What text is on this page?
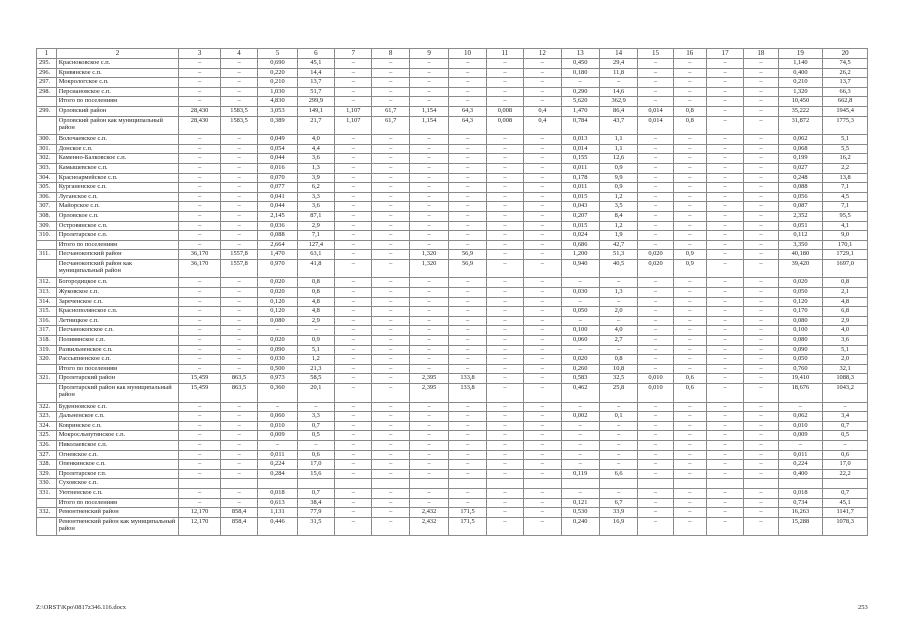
1	2	3	4	5	6	7	8	9	10	11	12	13	14	15	16	17	18	19	20
295.	Красноковское с.п.	–	–	0,690	45,1	–	–	–	–	–	–	0,450	29,4	–	–	–	–	1,140	74,5
296.	Кривянское с.п.	–	–	0,220	14,4	–	–	–	–	–	–	0,180	11,8	–	–	–	–	0,400	26,2
297.	Мокрологское с.п.	–	–	0,210	13,7	–	–	–	–	–	–	–	–	–	–	–	–	0,210	13,7
298.	Персиановское с.п.	–	–	1,030	51,7	–	–	–	–	–	–	0,290	14,6	–	–	–	–	1,320	66,3
	Итого по поселениям	–	–	4,830	299,9	–	–	–	–	–	–	5,620	362,9	–	–	–	–	10,450	662,8
299.	Орловский район	28,430	1583,5	3,053	149,1	1,107	61,7	1,154	64,3	0,008	0,4	1,470	86,4	0,014	0,8	–	–	35,222	1945,4
	Орловский район как муниципальный район	28,430	1583,5	0,389	21,7	1,107	61,7	1,154	64,3	0,008	0,4	0,784	43,7	0,014	0,8	–	–	31,872	1775,3
300.	Волочаевское с.п.	–	–	0,049	4,0	–	–	–	–	–	–	0,013	1,1	–	–	–	–	0,062	5,1
301.	Донское с.п.	–	–	0,054	4,4	–	–	–	–	–	–	0,014	1,1	–	–	–	–	0,068	5,5
302.	Каменно-Балковское с.п.	–	–	0,044	3,6	–	–	–	–	–	–	0,155	12,6	–	–	–	–	0,199	16,2
303.	Камышевское с.п.	–	–	0,016	1,3	–	–	–	–	–	–	0,011	0,9	–	–	–	–	0,027	2,2
304.	Красноармейское с.п.	–	–	0,070	3,9	–	–	–	–	–	–	0,178	9,9	–	–	–	–	0,248	13,8
305.	Курганенское с.п.	–	–	0,077	6,2	–	–	–	–	–	–	0,011	0,9	–	–	–	–	0,088	7,1
306.	Луганское с.п.	–	–	0,041	3,3	–	–	–	–	–	–	0,015	1,2	–	–	–	–	0,056	4,5
307.	Майорское с.п.	–	–	0,044	3,6	–	–	–	–	–	–	0,043	3,5	–	–	–	–	0,087	7,1
308.	Орловское с.п.	–	–	2,145	87,1	–	–	–	–	–	–	0,207	8,4	–	–	–	–	2,352	95,5
309.	Островянское с.п.	–	–	0,036	2,9	–	–	–	–	–	–	0,015	1,2	–	–	–	–	0,051	4,1
310.	Пролетарское с.п.	–	–	0,088	7,1	–	–	–	–	–	–	0,024	1,9	–	–	–	–	0,112	9,0
	Итого по поселениям	–	–	2,664	127,4	–	–	–	–	–	–	0,686	42,7	–	–	–	–	3,350	170,1
311.	Песчанокопский район	36,170	1557,8	1,470	63,1	–	–	1,320	56,9	–	–	1,200	51,3	0,020	0,9	–	–	40,180	1729,1
	Песчанокопский район как муниципальный район	36,170	1557,8	0,970	41,8	–	–	1,320	56,9	–	–	0,940	40,5	0,020	0,9	–	–	39,420	1697,0
312.	Богородицкое с.п.	–	–	0,020	0,8	–	–	–	–	–	–	–	–	–	–	–	–	0,020	0,8
313.	Жуковское с.п.	–	–	0,020	0,8	–	–	–	–	–	–	0,030	1,3	–	–	–	–	0,050	2,1
314.	Зареченское с.п.	–	–	0,120	4,8	–	–	–	–	–	–	–	–	–	–	–	–	0,120	4,8
315.	Краснополянское с.п.	–	–	0,120	4,8	–	–	–	–	–	–	0,050	2,0	–	–	–	–	0,170	6,8
316.	Летницкое с.п.	–	–	0,080	2,9	–	–	–	–	–	–	–	–	–	–	–	–	0,080	2,9
317.	Песчанокопское с.п.	–	–	–	–	–	–	–	–	–	–	0,100	4,0	–	–	–	–	0,100	4,0
318.	Поливянское с.п.	–	–	0,020	0,9	–	–	–	–	–	–	0,060	2,7	–	–	–	–	0,080	3,6
319.	Развильненское с.п.	–	–	0,090	5,1	–	–	–	–	–	–	–	–	–	–	–	–	0,090	5,1
320.	Рассыпненское с.п.	–	–	0,030	1,2	–	–	–	–	–	–	0,020	0,8	–	–	–	–	0,050	2,0
	Итого по поселениям	–	–	0,500	21,3	–	–	–	–	–	–	0,260	10,8	–	–	–	–	0,760	32,1
321.	Пролетарский район	15,459	863,5	0,973	58,5	–	–	2,395	133,8	–	–	0,583	32,5	0,010	0,6	–	–	19,410	1088,3
	Пролетарский район как муниципальный район	15,459	863,5	0,360	20,1	–	–	2,395	133,8	–	–	0,462	25,8	0,010	0,6	–	–	18,676	1043,2
322.	Буденновское с.п.	–	–	–	–	–	–	–	–	–	–	–	–	–	–	–	–	–	–
323.	Дальненское с.п.	–	–	0,060	3,3	–	–	–	–	–	–	0,002	0,1	–	–	–	–	0,062	3,4
324.	Ковринское с.п.	–	–	0,010	0,7	–	–	–	–	–	–	–	–	–	–	–	–	0,010	0,7
325.	Мокросльмутянское с.п.	–	–	0,009	0,5	–	–	–	–	–	–	–	–	–	–	–	–	0,009	0,5
326.	Николаевское с.п.	–	–	–	–	–	–	–	–	–	–	–	–	–	–	–	–	–	–
327.	Огневское с.п.	–	–	0,011	0,6	–	–	–	–	–	–	–	–	–	–	–	–	0,011	0,6
328.	Опенкинское с.п.	–	–	0,224	17,0	–	–	–	–	–	–	–	–	–	–	–	–	0,224	17,0
329.	Пролетарское г.п.	–	–	0,284	15,6	–	–	–	–	–	–	0,119	6,6	–	–	–	–	0,400	22,2
330.	Суховское с.п.																		
331.	Уютненское с.п.	–	–	0,018	0,7	–	–	–	–	–	–	–	–	–	–	–	–	0,018	0,7
	Итого по поселениям	–	–	0,613	38,4	–	–	–	–	–	–	0,121	6,7	–	–	–	–	0,734	45,1
332.	Ремонтненский район	12,170	858,4	1,131	77,9	–	–	2,432	171,5	–	–	0,530	33,9	–	–	–	–	16,263	1141,7
	Ремонтненский район как муниципальный район	12,170	858,4	0,446	31,5	–	–	2,432	171,5	–	–	0,240	16,9	–	–	–	–	15,288	1078,3
Z:\ORST\Kpo\0817z346.116.docx	253
